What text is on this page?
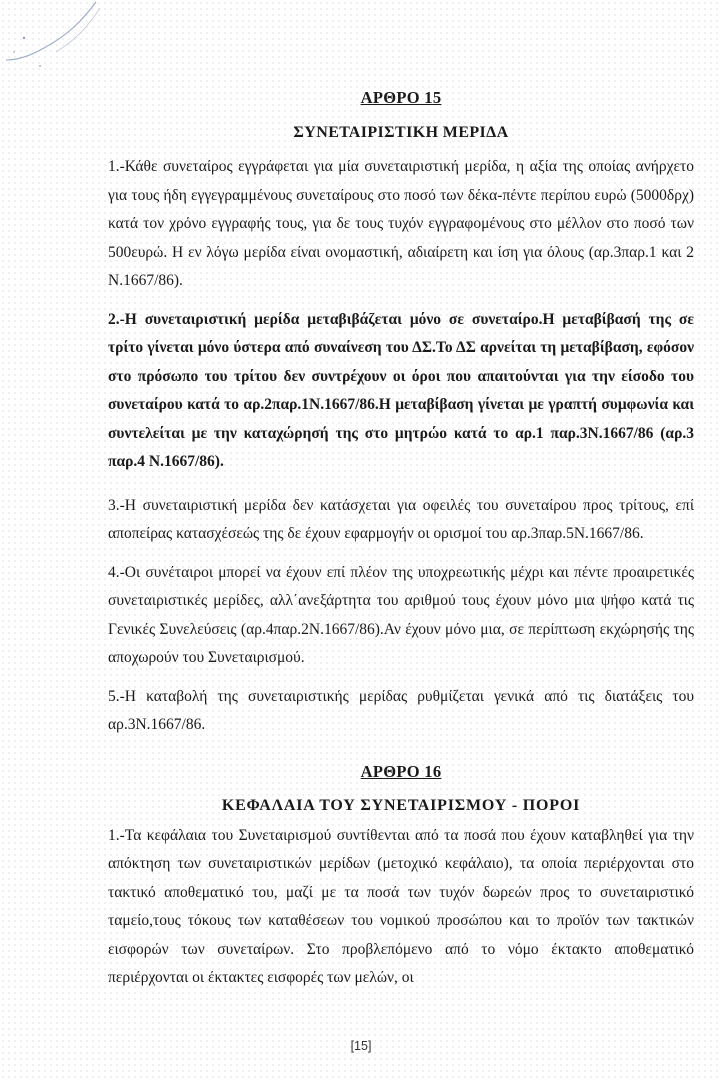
ΑΡΘΡΟ 15
ΣΥΝΕΤΑΙΡΙΣΤΙΚΗ ΜΕΡΙΔΑ

1.-Κάθε συνεταίρος εγγράφεται για μία συνεταιριστική μερίδα, η αξία της οποίας ανήρχετο για τους ήδη εγγεγραμμένους συνεταίρους στο ποσό των δέκα-πέντε περίπου ευρώ (5000δρχ) κατά τον χρόνο εγγραφής τους, για δε τους τυχόν εγγραφομένους στο μέλλον στο ποσό των 500ευρώ. Η εν λόγω μερίδα είναι ονομαστική, αδιαίρετη και ίση για όλους (αρ.3παρ.1 και 2 Ν.1667/86).

2.-Η συνεταιριστική μερίδα μεταβιβάζεται μόνο σε συνεταίρο.Η μεταβίβασή της σε τρίτο γίνεται μόνο ύστερα από συναίνεση του ΔΣ.Το ΔΣ αρνείται τη μεταβίβαση, εφόσον στο πρόσωπο του τρίτου δεν συντρέχουν οι όροι που απαιτούνται για την είσοδο του συνεταίρου κατά το αρ.2παρ.1Ν.1667/86.Η μεταβίβαση γίνεται με γραπτή συμφωνία και συντελείται με την καταχώρησή της στο μητρώο κατά το αρ.1 παρ.3Ν.1667/86 (αρ.3 παρ.4 Ν.1667/86).

3.-Η συνεταιριστική μερίδα δεν κατάσχεται για οφειλές του συνεταίρου προς τρίτους, επί αποπείρας κατασχέσεώς της δε έχουν εφαρμογήν οι ορισμοί του αρ.3παρ.5Ν.1667/86.

4.-Οι συνέταιροι μπορεί να έχουν επί πλέον της υποχρεωτικής μέχρι και πέντε προαιρετικές συνεταιριστικές μερίδες, αλλ΄ανεξάρτητα του αριθμού τους έχουν μόνο μια ψήφο κατά τις Γενικές Συνελεύσεις (αρ.4παρ.2Ν.1667/86).Αν έχουν μόνο μια, σε περίπτωση εκχώρησής της αποχωρούν του Συνεταιρισμού.

5.-Η καταβολή της συνεταιριστικής μερίδας ρυθμίζεται γενικά από τις διατάξεις του αρ.3Ν.1667/86.

ΑΡΘΡΟ 16
ΚΕΦΑΛΑΙΑ ΤΟΥ ΣΥΝΕΤΑΙΡΙΣΜΟΥ - ΠΟΡΟΙ

1.-Τα κεφάλαια του Συνεταιρισμού συντίθενται από τα ποσά που έχουν καταβληθεί για την απόκτηση των συνεταιριστικών μερίδων (μετοχικό κεφάλαιο), τα οποία περιέρχονται στο τακτικό αποθεματικό του, μαζί με τα ποσά των τυχόν δωρεών προς το συνεταιριστικό ταμείο,τους τόκους των καταθέσεων του νομικού προσώπου και το προϊόν των τακτικών εισφορών των συνεταίρων. Στο προβλεπόμενο από το νόμο έκτακτο αποθεματικό περιέρχονται οι έκτακτες εισφορές των μελών, οι

[15]
